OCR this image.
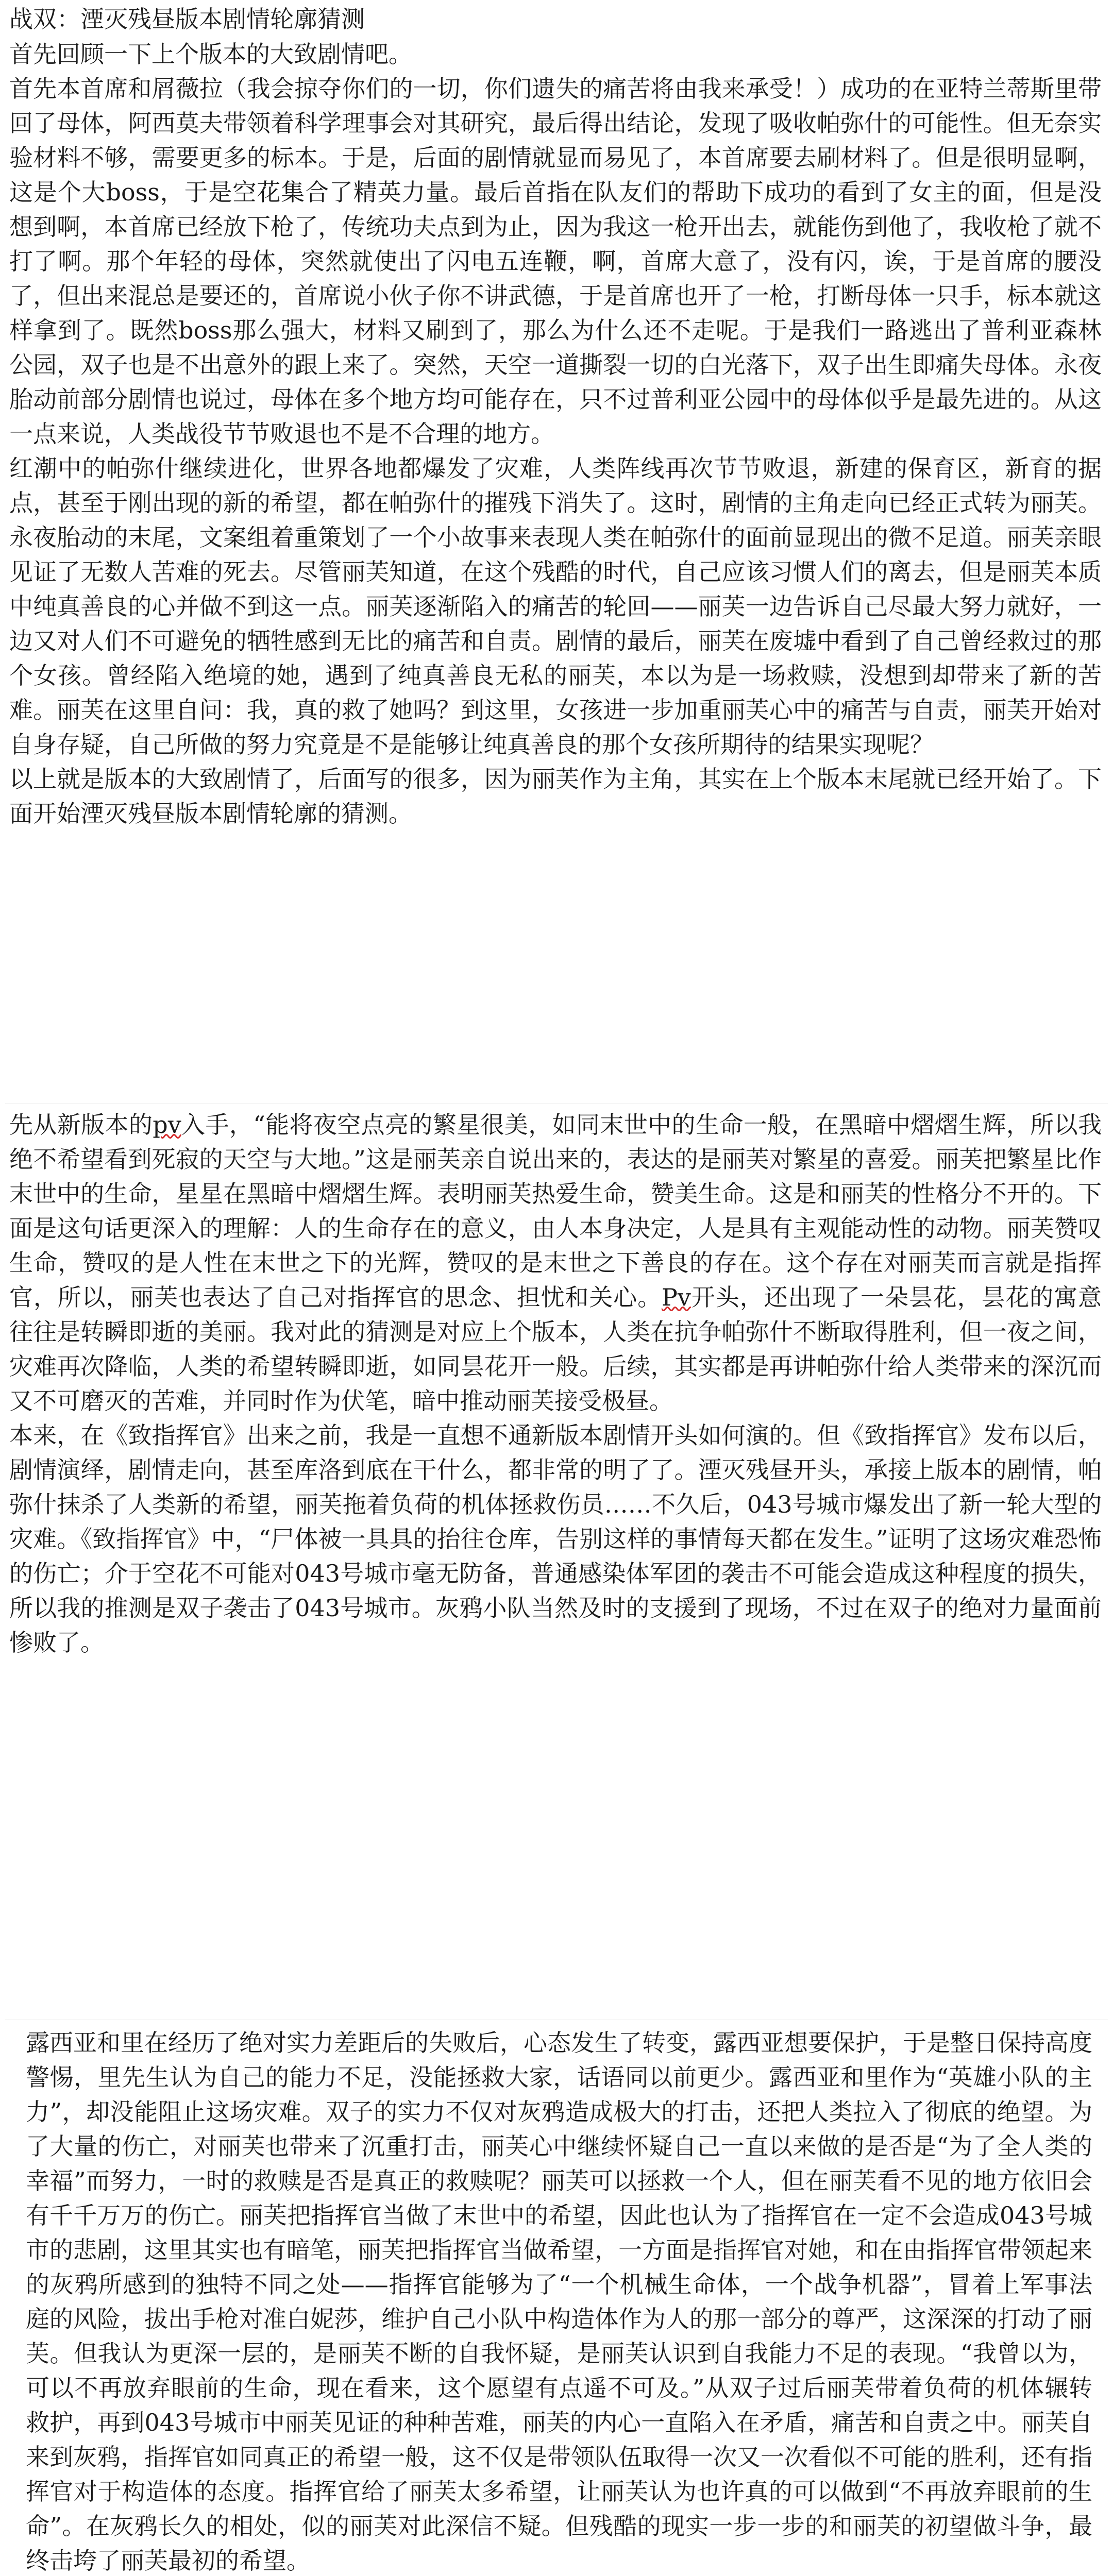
战双：湮灭残昼版本剧情轮廓猜测
首先回顾一下上个版本的大致剧情吧。
首先本首席和屑薇拉（我会掠夺你们的一切，你们遗失的痛苦将由我来承受！）成功的在亚特兰蒂斯里带回了母体，阿西莫夫带领着科学理事会对其研究，最后得出结论，发现了吸收帕弥什的可能性。但无奈实验材料不够，需要更多的标本。于是，后面的剧情就显而易见了，本首席要去刷材料了。但是很明显啊，这是个大boss，于是空花集合了精英力量。最后首指在队友们的帮助下成功的看到了女主的面，但是没想到啊，本首席已经放下枪了，传统功夫点到为止，因为我这一枪开出去，就能伤到他了，我收枪了就不打了啊。那个年轻的母体，突然就使出了闪电五连鞭，啊，首席大意了，没有闪，诶，于是首席的腰没了，但出来混总是要还的，首席说小伙子你不讲武德，于是首席也开了一枪，打断母体一只手，标本就这样拿到了。既然boss那么强大，材料又刷到了，那么为什么还不走呢。于是我们一路逃出了普利亚森林公园，双子也是不出意外的跟上来了。突然，天空一道撕裂一切的白光落下，双子出生即痛失母体。永夜胎动前部分剧情也说过，母体在多个地方均可能存在，只不过普利亚公园中的母体似乎是最先进的。从这一点来说，人类战役节节败退也不是不合理的地方。
红潮中的帕弥什继续进化，世界各地都爆发了灾难，人类阵线再次节节败退，新建的保育区，新育的据点，甚至于刚出现的新的希望，都在帕弥什的摧残下消失了。这时，剧情的主角走向已经正式转为丽芙。永夜胎动的末尾，文案组着重策划了一个小故事来表现人类在帕弥什的面前显现出的微不足道。丽芙亲眼见证了无数人苦难的死去。尽管丽芙知道，在这个残酷的时代，自己应该习惯人们的离去，但是丽芙本质中纯真善良的心并做不到这一点。丽芙逐渐陷入的痛苦的轮回——丽芙一边告诉自己尽最大努力就好，一边又对人们不可避免的牺牲感到无比的痛苦和自责。剧情的最后，丽芙在废墟中看到了自己曾经救过的那个女孩。曾经陷入绝境的她，遇到了纯真善良无私的丽芙，本以为是一场救赎，没想到却带来了新的苦难。丽芙在这里自问：我，真的救了她吗？到这里，女孩进一步加重丽芙心中的痛苦与自责，丽芙开始对自身存疑，自己所做的努力究竟是不是能够让纯真善良的那个女孩所期待的结果实现呢？
以上就是版本的大致剧情了，后面写的很多，因为丽芙作为主角，其实在上个版本末尾就已经开始了。下面开始湮灭残昼版本剧情轮廓的猜测。
先从新版本的pv入手，“能将夜空点亮的繁星很美，如同末世中的生命一般，在黑暗中熠熠生辉，所以我绝不希望看到死寂的天空与大地。”这是丽芙亲自说出来的，表达的是丽芙对繁星的喜爱。丽芙把繁星比作末世中的生命，星星在黑暗中熠熠生辉。表明丽芙热爱生命，赞美生命。这是和丽芙的性格分不开的。下面是这句话更深入的理解：人的生命存在的意义，由人本身决定，人是具有主观能动性的动物。丽芙赞叹生命，赞叹的是人性在末世之下的光辉，赞叹的是末世之下善良的存在。这个存在对丽芙而言就是指挥官，所以，丽芙也表达了自己对指挥官的思念、担忧和关心。Pv开头，还出现了一朵昙花，昙花的寓意往往是转瞬即逝的美丽。我对此的猜测是对应上个版本，人类在抗争帕弥什不断取得胜利，但一夜之间，灾难再次降临，人类的希望转瞬即逝，如同昙花开一般。后续，其实都是再讲帕弥什给人类带来的深沉而又不可磨灭的苦难，并同时作为伏笔，暗中推动丽芙接受极昼。
本来，在《致指挥官》出来之前，我是一直想不通新版本剧情开头如何演的。但《致指挥官》发布以后，剧情演绎，剧情走向，甚至库洛到底在干什么，都非常的明了了。湮灭残昼开头，承接上版本的剧情，帕弥什抹杀了人类新的希望，丽芙拖着负荷的机体拯救伤员……不久后，043号城市爆发出了新一轮大型的灾难。《致指挥官》中，“尸体被一具具的抬往仓库，告别这样的事情每天都在发生。”证明了这场灾难恐怖的伤亡；介于空花不可能对043号城市毫无防备，普通感染体军团的袭击不可能会造成这种程度的损失，所以我的推测是双子袭击了043号城市。灰鸦小队当然及时的支援到了现场，不过在双子的绝对力量面前惨败了。
露西亚和里在经历了绝对实力差距后的失败后，心态发生了转变，露西亚想要保护，于是整日保持高度警惕，里先生认为自己的能力不足，没能拯救大家，话语同以前更少。露西亚和里作为“英雄小队的主力”，却没能阻止这场灾难。双子的实力不仅对灰鸦造成极大的打击，还把人类拉入了彻底的绝望。为了大量的伤亡，对丽芙也带来了沉重打击，丽芙心中继续怀疑自己一直以来做的是否是“为了全人类的幸福”而努力，一时的救赎是否是真正的救赎呢？丽芙可以拯救一个人，但在丽芙看不见的地方依旧会有千千万万的伤亡。丽芙把指挥官当做了末世中的希望，因此也认为了指挥官在一定不会造成043号城市的悲剧，这里其实也有暗笔，丽芙把指挥官当做希望，一方面是指挥官对她，和在由指挥官带领起来的灰鸦所感到的独特不同之处——指挥官能够为了“一个机械生命体，一个战争机器”，冒着上军事法庭的风险，拔出手枪对准白妮莎，维护自己小队中构造体作为人的那一部分的尊严，这深深的打动了丽芙。但我认为更深一层的，是丽芙不断的自我怀疑，是丽芙认识到自我能力不足的表现。“我曾以为，可以不再放弃眼前的生命，现在看来，这个愿望有点遥不可及。”从双子过后丽芙带着负荷的机体辗转救护，再到043号城市中丽芙见证的种种苦难，丽芙的内心一直陷入在矛盾，痛苦和自责之中。丽芙自来到灰鸦，指挥官如同真正的希望一般，这不仅是带领队伍取得一次又一次看似不可能的胜利，还有指挥官对于构造体的态度。指挥官给了丽芙太多希望，让丽芙认为也许真的可以做到“不再放弃眼前的生命”。在灰鸦长久的相处，似的丽芙对此深信不疑。但残酷的现实一步一步的和丽芙的初望做斗争，最终击垮了丽芙最初的希望。
